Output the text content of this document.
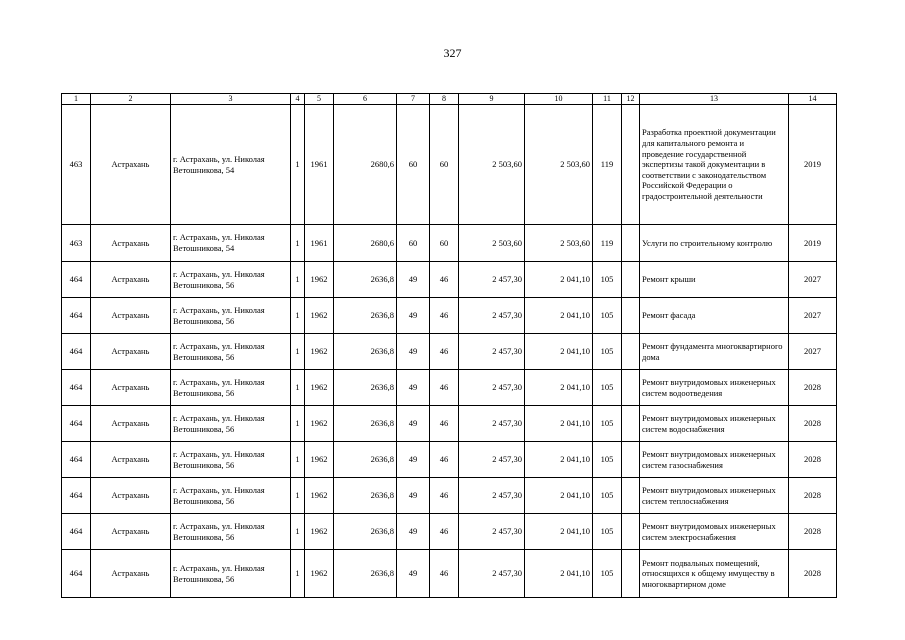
327
1	2	3	4	5	6	7	8	9	10	11	12	13	14
463	Астрахань	г. Астрахань, ул. Николая Ветошникова, 54	1	1961	2680,6	60	60	2 503,60	2 503,60	119		Разработка проектной документации для капитального ремонта и проведение государственной экспертизы такой документации в соответствии с законодательством Российской Федерации о градостроительной деятельности	2019
463	Астрахань	г. Астрахань, ул. Николая Ветошникова, 54	1	1961	2680,6	60	60	2 503,60	2 503,60	119		Услуги по строительному контролю	2019
464	Астрахань	г. Астрахань, ул. Николая Ветошникова, 56	1	1962	2636,8	49	46	2 457,30	2 041,10	105		Ремонт крыши	2027
464	Астрахань	г. Астрахань, ул. Николая Ветошникова, 56	1	1962	2636,8	49	46	2 457,30	2 041,10	105		Ремонт фасада	2027
464	Астрахань	г. Астрахань, ул. Николая Ветошникова, 56	1	1962	2636,8	49	46	2 457,30	2 041,10	105		Ремонт фундамента многоквартирного дома	2027
464	Астрахань	г. Астрахань, ул. Николая Ветошникова, 56	1	1962	2636,8	49	46	2 457,30	2 041,10	105		Ремонт внутридомовых инженерных систем водоотведения	2028
464	Астрахань	г. Астрахань, ул. Николая Ветошникова, 56	1	1962	2636,8	49	46	2 457,30	2 041,10	105		Ремонт внутридомовых инженерных систем водоснабжения	2028
464	Астрахань	г. Астрахань, ул. Николая Ветошникова, 56	1	1962	2636,8	49	46	2 457,30	2 041,10	105		Ремонт внутридомовых инженерных систем газоснабжения	2028
464	Астрахань	г. Астрахань, ул. Николая Ветошникова, 56	1	1962	2636,8	49	46	2 457,30	2 041,10	105		Ремонт внутридомовых инженерных систем теплоснабжения	2028
464	Астрахань	г. Астрахань, ул. Николая Ветошникова, 56	1	1962	2636,8	49	46	2 457,30	2 041,10	105		Ремонт внутридомовых инженерных систем электроснабжения	2028
464	Астрахань	г. Астрахань, ул. Николая Ветошникова, 56	1	1962	2636,8	49	46	2 457,30	2 041,10	105		Ремонт подвальных помещений, относящихся к общему имуществу в многоквартирном доме	2028
